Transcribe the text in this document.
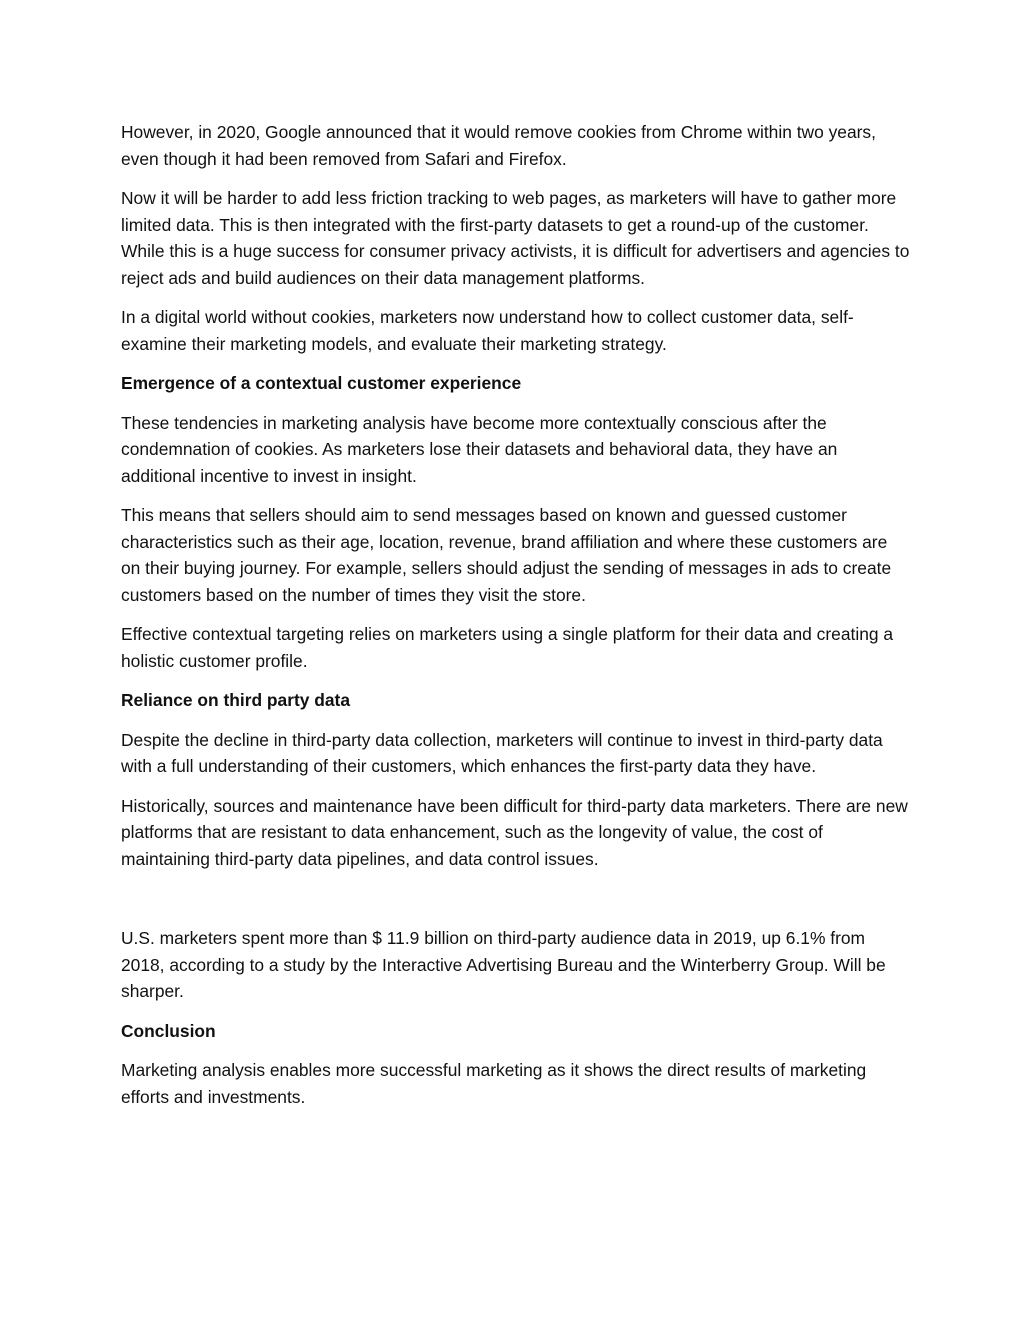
However, in 2020, Google announced that it would remove cookies from Chrome within two years, even though it had been removed from Safari and Firefox.

Now it will be harder to add less friction tracking to web pages, as marketers will have to gather more limited data. This is then integrated with the first-party datasets to get a round-up of the customer. While this is a huge success for consumer privacy activists, it is difficult for advertisers and agencies to reject ads and build audiences on their data management platforms.

In a digital world without cookies, marketers now understand how to collect customer data, self-examine their marketing models, and evaluate their marketing strategy.

Emergence of a contextual customer experience

These tendencies in marketing analysis have become more contextually conscious after the condemnation of cookies. As marketers lose their datasets and behavioral data, they have an additional incentive to invest in insight.

This means that sellers should aim to send messages based on known and guessed customer characteristics such as their age, location, revenue, brand affiliation and where these customers are on their buying journey. For example, sellers should adjust the sending of messages in ads to create customers based on the number of times they visit the store.

Effective contextual targeting relies on marketers using a single platform for their data and creating a holistic customer profile.

Reliance on third party data

Despite the decline in third-party data collection, marketers will continue to invest in third-party data with a full understanding of their customers, which enhances the first-party data they have.

Historically, sources and maintenance have been difficult for third-party data marketers. There are new platforms that are resistant to data enhancement, such as the longevity of value, the cost of maintaining third-party data pipelines, and data control issues.

U.S. marketers spent more than $ 11.9 billion on third-party audience data in 2019, up 6.1% from 2018, according to a study by the Interactive Advertising Bureau and the Winterberry Group. Will be sharper.

Conclusion

Marketing analysis enables more successful marketing as it shows the direct results of marketing efforts and investments.
